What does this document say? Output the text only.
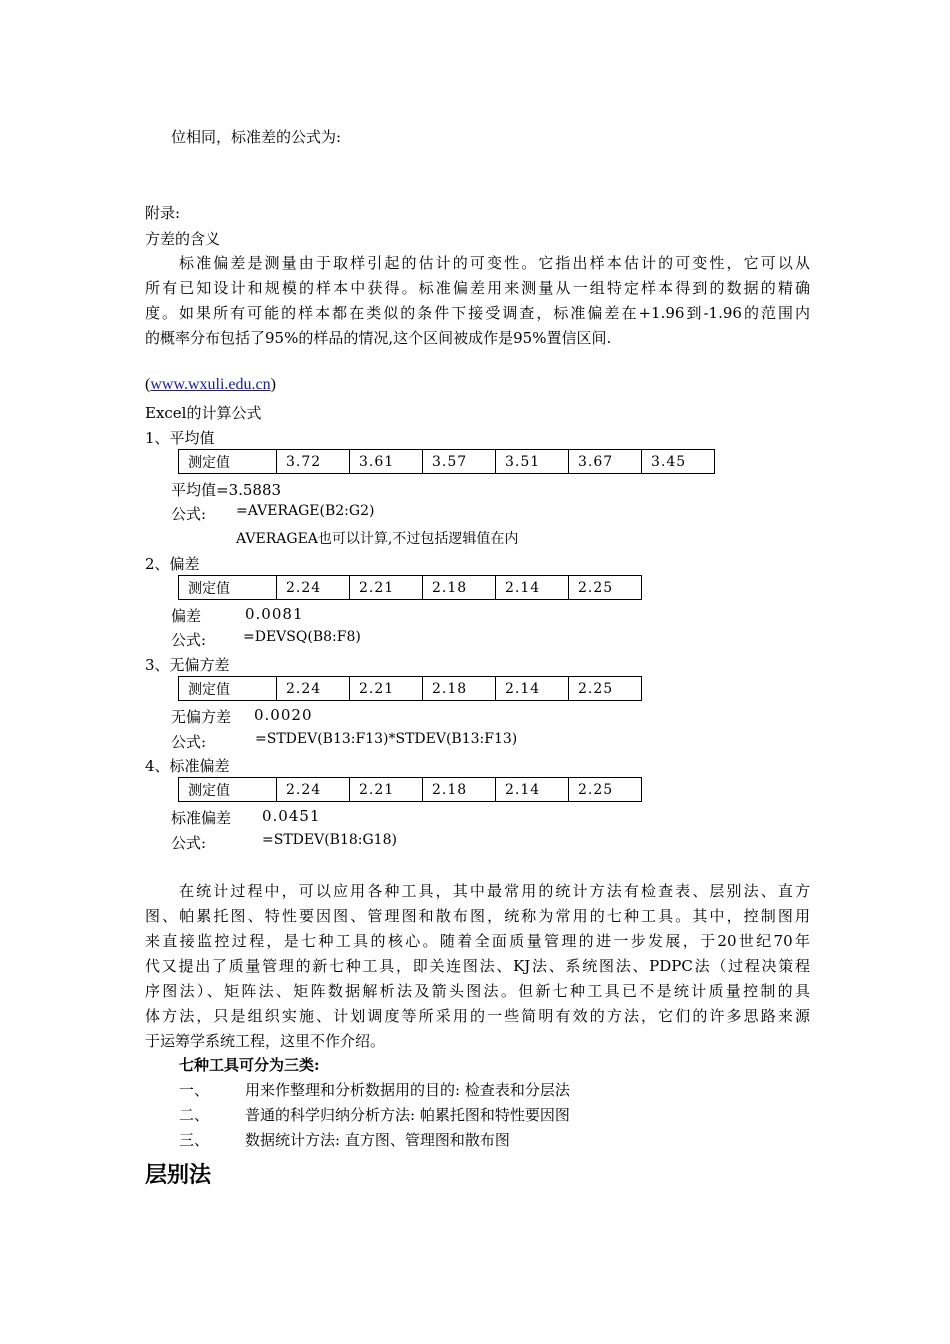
位相同，标准差的公式为:
附录:
方差的含义
标准偏差是测量由于取样引起的估计的可变性。它指出样本估计的可变性，它可以从
所有已知设计和规模的样本中获得。标准偏差用来测量从一组特定样本得到的数据的精确
度。如果所有可能的样本都在类似的条件下接受调查，标准偏差在+1.96到-1.96的范围内
的概率分布包括了95%的样品的情况,这个区间被成作是95%置信区间.
(www.wxuli.edu.cn)
Excel的计算公式
1、平均值
测定值	3.72	3.61	3.57	3.51	3.67	3.45
平均值=3.5883
公式: =AVERAGE(B2:G2)
AVERAGEA也可以计算,不过包括逻辑值在内
2、偏差
测定值	2.24	2.21	2.18	2.14	2.25
偏差	0.0081
公式:	=DEVSQ(B8:F8)
3、无偏方差
测定值	2.24	2.21	2.18	2.14	2.25
无偏方差 0.0020
公式:	=STDEV(B13:F13)*STDEV(B13:F13)
4、标准偏差
测定值	2.24	2.21	2.18	2.14	2.25
标准偏差 0.0451
公式:	=STDEV(B18:G18)
在统计过程中，可以应用各种工具，其中最常用的统计方法有检查表、层别法、直方
图、帕累托图、特性要因图、管理图和散布图，统称为常用的七种工具。其中，控制图用
来直接监控过程，是七种工具的核心。随着全面质量管理的进一步发展，于20世纪70年
代又提出了质量管理的新七种工具，即关连图法、KJ法、系统图法、PDPC法（过程决策程
序图法）、矩阵法、矩阵数据解析法及箭头图法。但新七种工具已不是统计质量控制的具
体方法，只是组织实施、计划调度等所采用的一些简明有效的方法，它们的许多思路来源
于运筹学系统工程，这里不作介绍。
七种工具可分为三类:
一、 用来作整理和分析数据用的目的: 检查表和分层法
二、 普通的科学归纳分析方法: 帕累托图和特性要因图
三、 数据统计方法: 直方图、管理图和散布图
层别法
